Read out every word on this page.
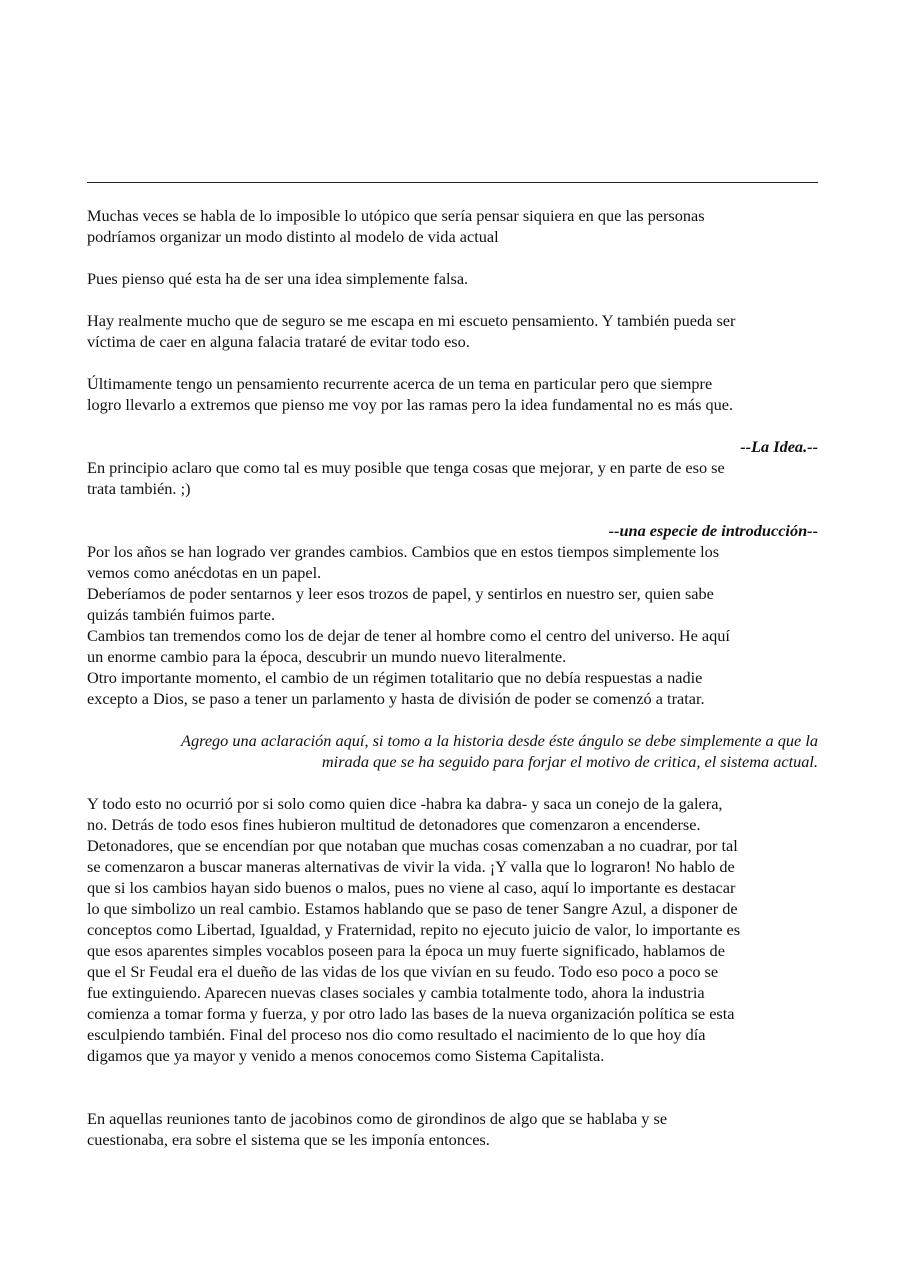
Muchas veces se habla de lo imposible lo utópico que sería pensar siquiera en que las personas
podríamos organizar un modo distinto al modelo de vida actual
Pues pienso qué esta ha de ser una idea simplemente falsa.
Hay realmente mucho que de seguro se me escapa en mi escueto pensamiento. Y también pueda ser
víctima de caer en alguna falacia trataré de evitar todo eso.
Últimamente tengo un pensamiento recurrente acerca de un tema en particular pero que siempre
logro llevarlo a extremos que pienso me voy por las ramas pero la idea fundamental no es más que.
--La Idea.--
En principio aclaro que como tal es muy posible que tenga cosas que mejorar, y en parte de eso se
trata también. ;)
--una especie de introducción--
Por los años se han logrado ver grandes cambios. Cambios que en estos tiempos simplemente los
vemos como anécdotas en un papel.
Deberíamos de poder sentarnos y leer esos trozos de papel, y sentirlos en nuestro ser, quien sabe
quizás también fuimos parte.
Cambios tan tremendos como los de dejar de tener al hombre como el centro del universo. He aquí
un enorme cambio para la época, descubrir un mundo nuevo literalmente.
Otro importante momento, el cambio de un régimen totalitario que no debía respuestas a nadie
excepto a Dios, se paso a tener un parlamento y hasta de división de poder se comenzó a tratar.
Agrego una aclaración aquí, si tomo a la historia desde éste ángulo se debe simplemente a que la
mirada que se ha seguido para forjar el motivo de critica, el sistema actual.
Y todo esto no ocurrió por si solo como quien dice -habra ka dabra- y saca un conejo de la galera,
no. Detrás de todo esos fines hubieron multitud de detonadores que comenzaron a encenderse.
Detonadores, que se encendían por que notaban que muchas cosas comenzaban a no cuadrar, por tal
se comenzaron a buscar maneras alternativas de vivir la vida. ¡Y valla que lo lograron! No hablo de
que si los cambios hayan sido buenos o malos, pues no viene al caso, aquí lo importante es destacar
lo que simbolizo un real cambio. Estamos hablando que se paso de tener Sangre Azul, a disponer de
conceptos como Libertad, Igualdad, y Fraternidad, repito no ejecuto juicio de valor, lo importante es
que esos aparentes simples vocablos poseen para la época un muy fuerte significado, hablamos de
que el Sr Feudal era el dueño de las vidas de los que vivían en su feudo. Todo eso poco a poco se
fue extinguiendo. Aparecen nuevas clases sociales y cambia totalmente todo, ahora la industria
comienza a tomar forma y fuerza, y por otro lado las bases de la nueva organización política se esta
esculpiendo también. Final del proceso nos dio como resultado el nacimiento de lo que hoy día
digamos que ya mayor y venido a menos conocemos como Sistema Capitalista.
En aquellas reuniones tanto de jacobinos como de girondinos de algo que se hablaba y se
cuestionaba, era sobre el sistema que se les imponía entonces.
